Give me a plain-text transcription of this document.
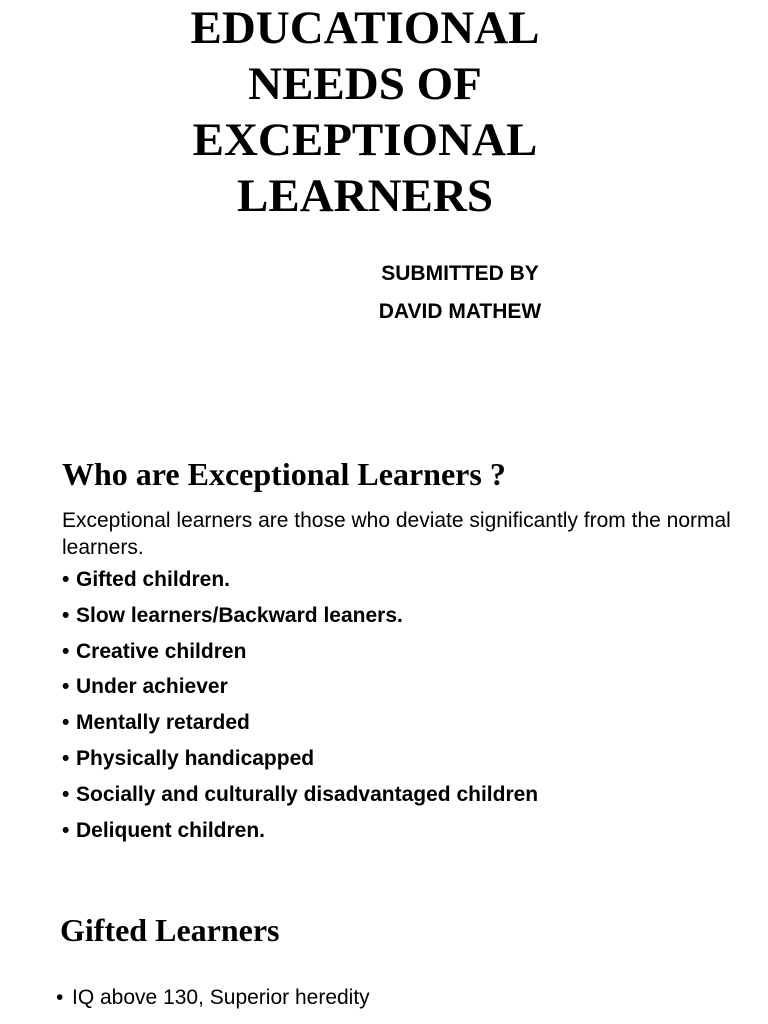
EDUCATIONAL
NEEDS OF
EXCEPTIONAL
LEARNERS
SUBMITTED BY
DAVID MATHEW
Who are Exceptional Learners ?

Exceptional learners are those who deviate significantly from the normal learners.

• Gifted children.
• Slow learners/Backward leaners.
• Creative children
• Under achiever
• Mentally retarded
• Physically handicapped
• Socially and culturally disadvantaged children
• Deliquent children.
Gifted Learners
• IQ above 130, Superior heredity
